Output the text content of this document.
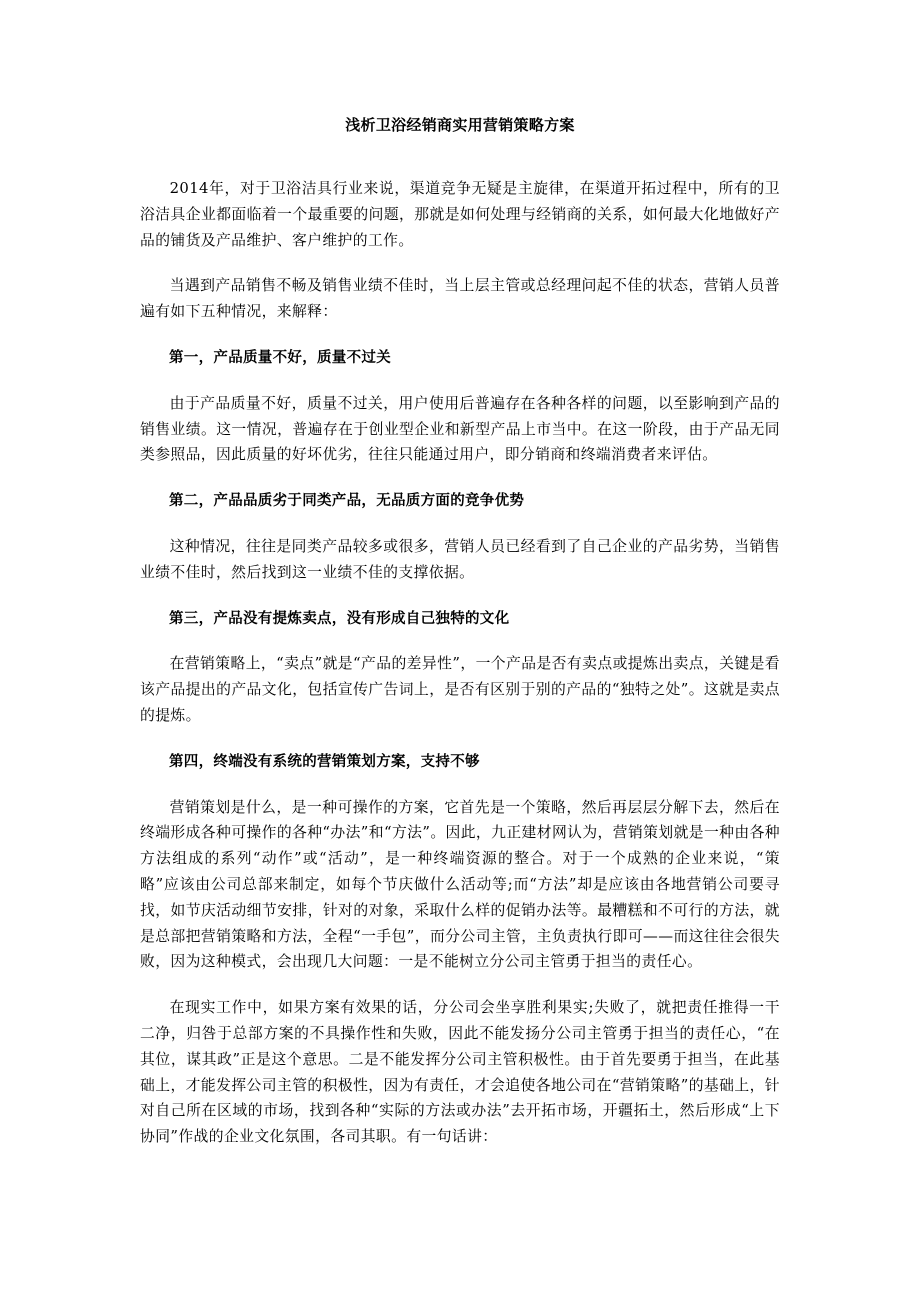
浅析卫浴经销商实用营销策略方案

2014年，对于卫浴洁具行业来说，渠道竞争无疑是主旋律，在渠道开拓过程中，所有的卫浴洁具企业都面临着一个最重要的问题，那就是如何处理与经销商的关系，如何最大化地做好产品的铺货及产品维护、客户维护的工作。

当遇到产品销售不畅及销售业绩不佳时，当上层主管或总经理问起不佳的状态，营销人员普遍有如下五种情况，来解释：

第一，产品质量不好，质量不过关

由于产品质量不好，质量不过关，用户使用后普遍存在各种各样的问题，以至影响到产品的销售业绩。这一情况，普遍存在于创业型企业和新型产品上市当中。在这一阶段，由于产品无同类参照品，因此质量的好坏优劣，往往只能通过用户，即分销商和终端消费者来评估。

第二，产品品质劣于同类产品，无品质方面的竞争优势

这种情况，往往是同类产品较多或很多，营销人员已经看到了自己企业的产品劣势，当销售业绩不佳时，然后找到这一业绩不佳的支撑依据。

第三，产品没有提炼卖点，没有形成自己独特的文化

在营销策略上，“卖点”就是“产品的差异性”，一个产品是否有卖点或提炼出卖点，关键是看该产品提出的产品文化，包括宣传广告词上，是否有区别于别的产品的“独特之处”。这就是卖点的提炼。

第四，终端没有系统的营销策划方案，支持不够

营销策划是什么，是一种可操作的方案，它首先是一个策略，然后再层层分解下去，然后在终端形成各种可操作的各种“办法”和“方法”。因此，九正建材网认为，营销策划就是一种由各种方法组成的系列“动作”或“活动”，是一种终端资源的整合。对于一个成熟的企业来说，“策略”应该由公司总部来制定，如每个节庆做什么活动等;而“方法”却是应该由各地营销公司要寻找，如节庆活动细节安排，针对的对象，采取什么样的促销办法等。最糟糕和不可行的方法，就是总部把营销策略和方法，全程“一手包”，而分公司主管，主负责执行即可——而这往往会很失败，因为这种模式，会出现几大问题：一是不能树立分公司主管勇于担当的责任心。

在现实工作中，如果方案有效果的话，分公司会坐享胜利果实;失败了，就把责任推得一干二净，归咎于总部方案的不具操作性和失败，因此不能发扬分公司主管勇于担当的责任心，“在其位，谋其政”正是这个意思。二是不能发挥分公司主管积极性。由于首先要勇于担当，在此基础上，才能发挥公司主管的积极性，因为有责任，才会追使各地公司在“营销策略”的基础上，针对自己所在区域的市场，找到各种“实际的方法或办法”去开拓市场，开疆拓土，然后形成“上下协同”作战的企业文化氛围，各司其职。有一句话讲：
